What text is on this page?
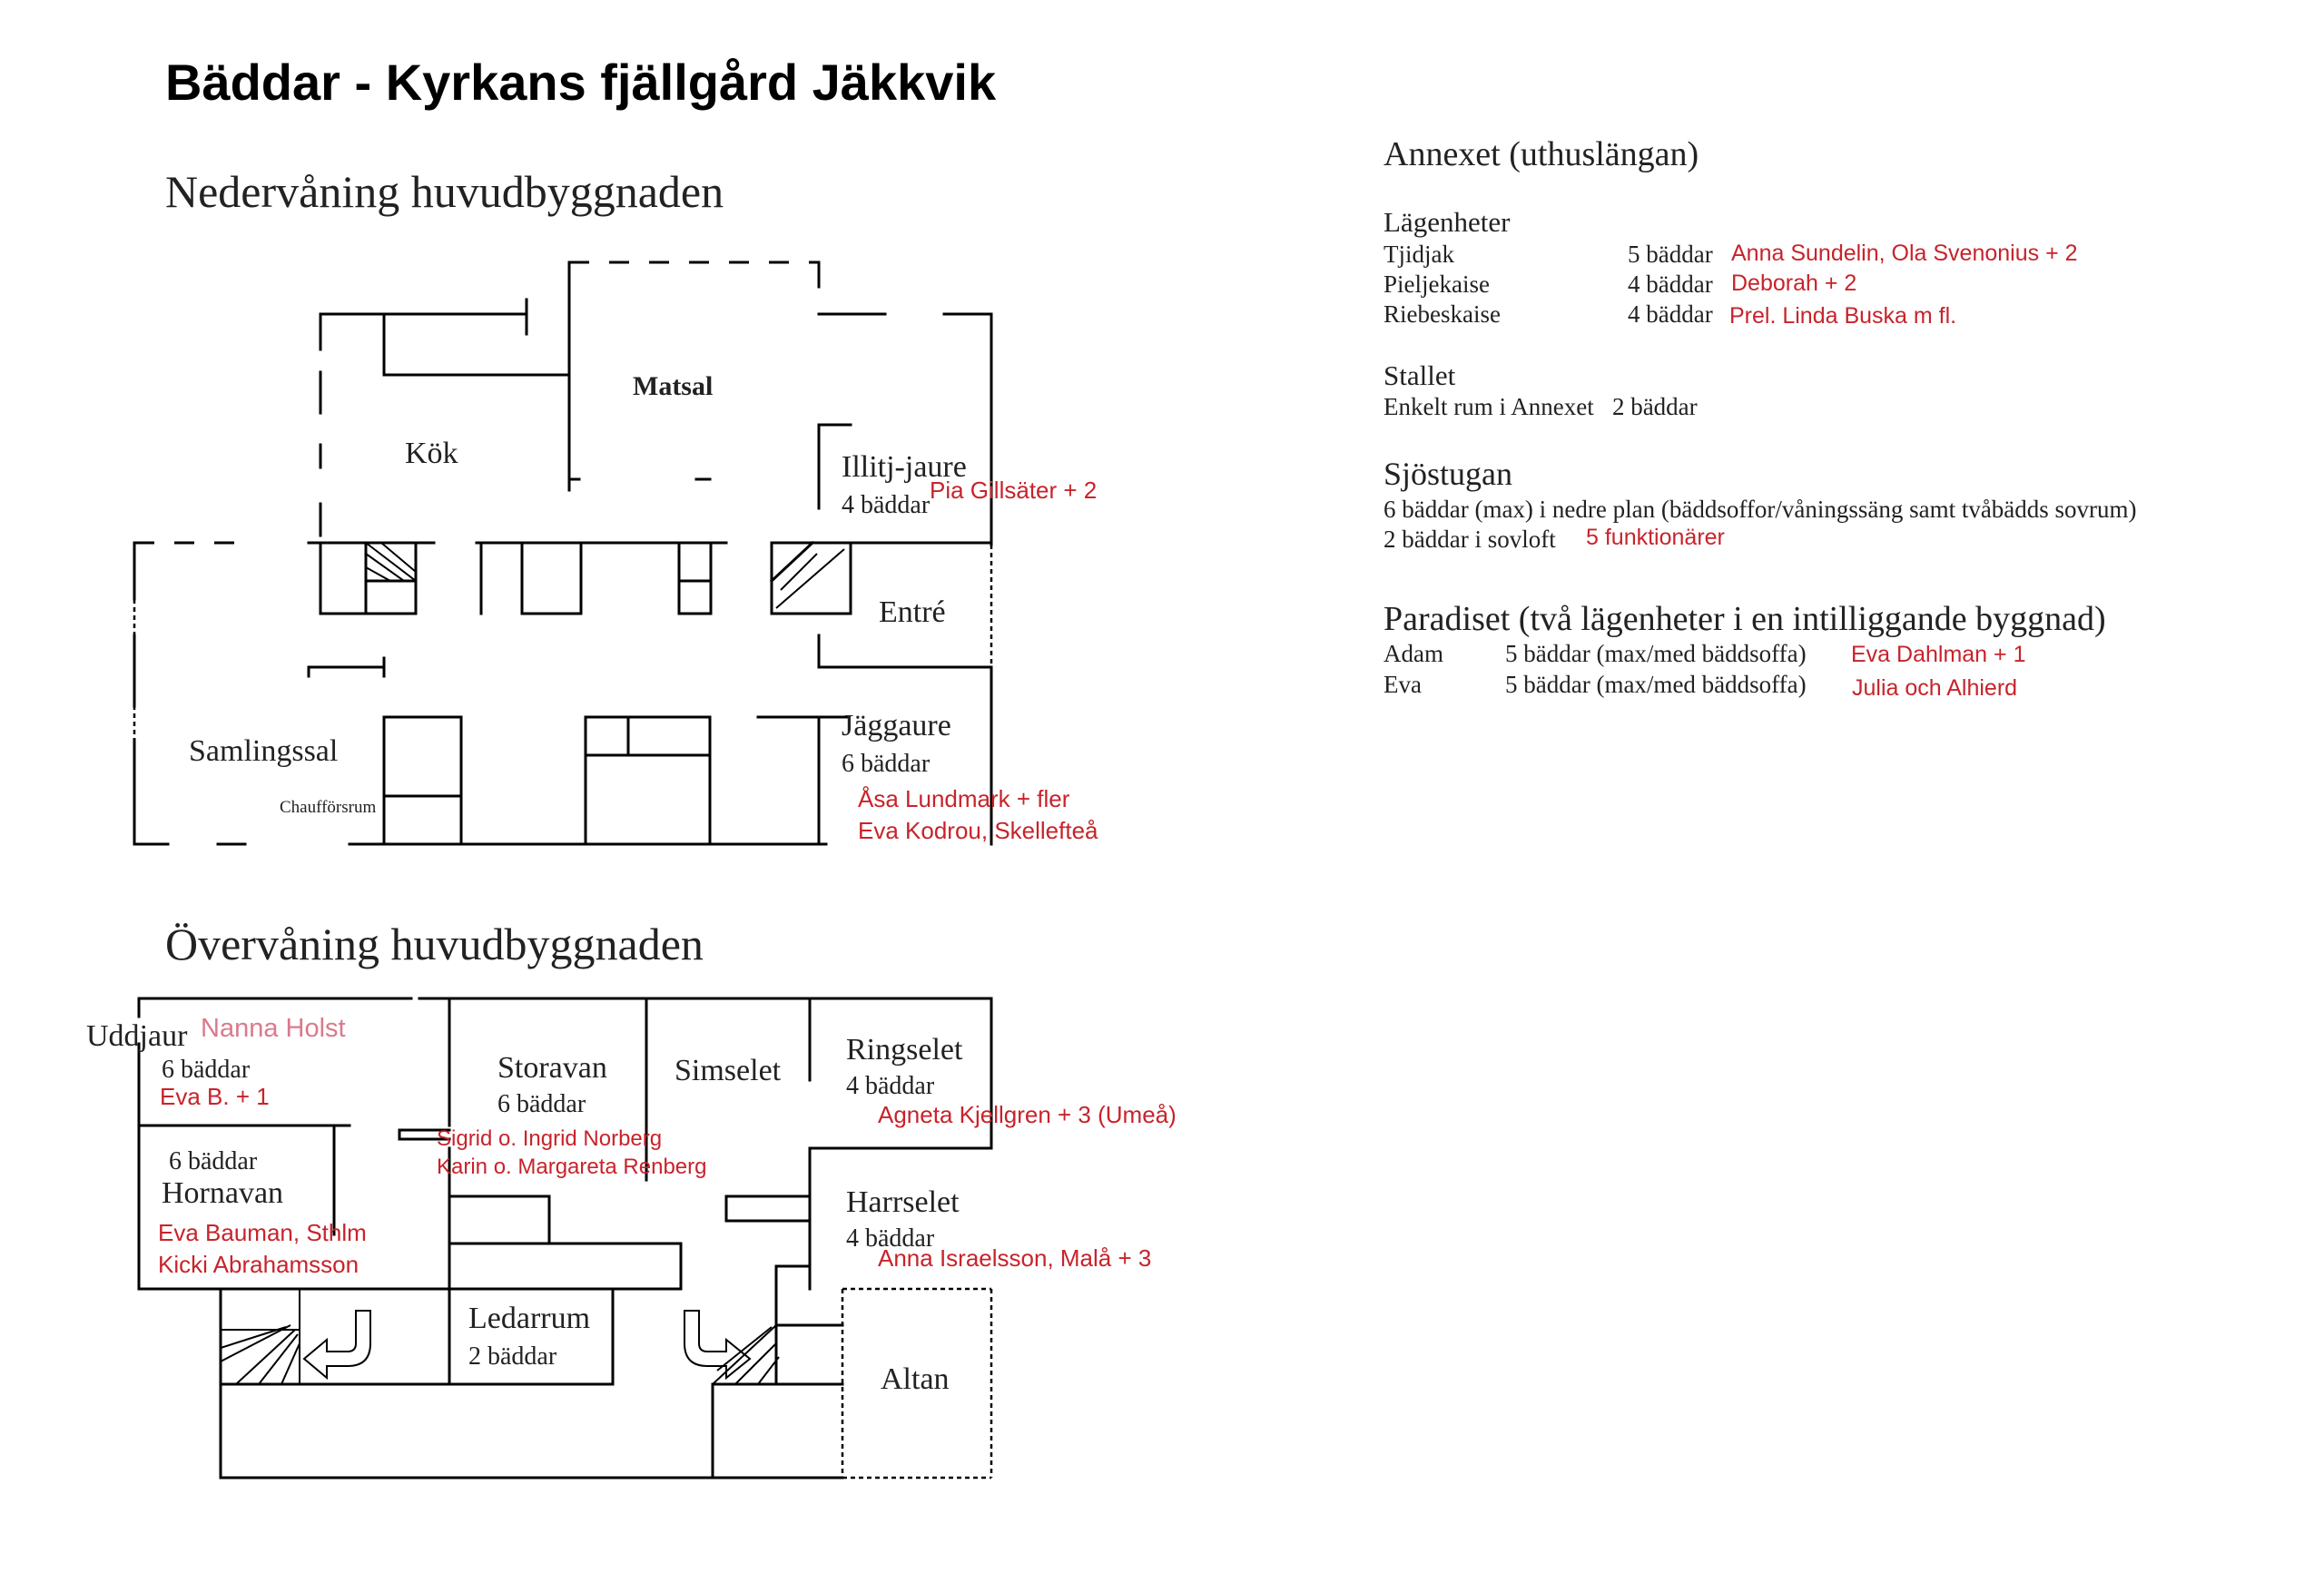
Bäddar - Kyrkans fjällgård Jäkkvik
Nedervåning huvudbyggnaden
Matsal
Kök	Illitj-jaure
4 bäddar
Pia Gillsäter + 2
Entré
Jäggaure
6 bäddar
Åsa Lundmark + fler
Eva Kodrou, Skellefteå
Samlingssal
Chaufförsrum
Övervåning huvudbyggnaden
Uddjaur Nanna Holst
6 bäddar
Eva B. + 1
6 bäddar
Hornavan
Eva Bauman, Sthlm
Kicki Abrahamsson
Storavan
6 bäddar
Sigrid o. Ingrid Norberg
Karin o. Margareta Renberg
Simselet
Ringselet
4 bäddar
Agneta Kjellgren + 3 (Umeå)
Harrselet
4 bäddar
Anna Israelsson, Malå + 3
Ledarrum
2 bäddar
Altan
Annexet (uthuslängan)
Lägenheter
Tjidjak	5 bäddar Anna Sundelin, Ola Svenonius + 2
Pieljekaise	4 bäddar Deborah + 2
Riebeskaise	4 bäddar Prel. Linda Buska m fl.
Stallet
Enkelt rum i Annexet   2 bäddar
Sjöstugan
6 bäddar (max) i nedre plan (bäddsoffor/våningssäng samt tvåbädds sovrum)
2 bäddar i sovloft 5 funktionärer
Paradiset (två lägenheter i en intilliggande byggnad)
Adam	5 bäddar (max/med bäddsoffa) Eva Dahlman + 1
Eva	5 bäddar (max/med bäddsoffa) Julia och Alhierd
